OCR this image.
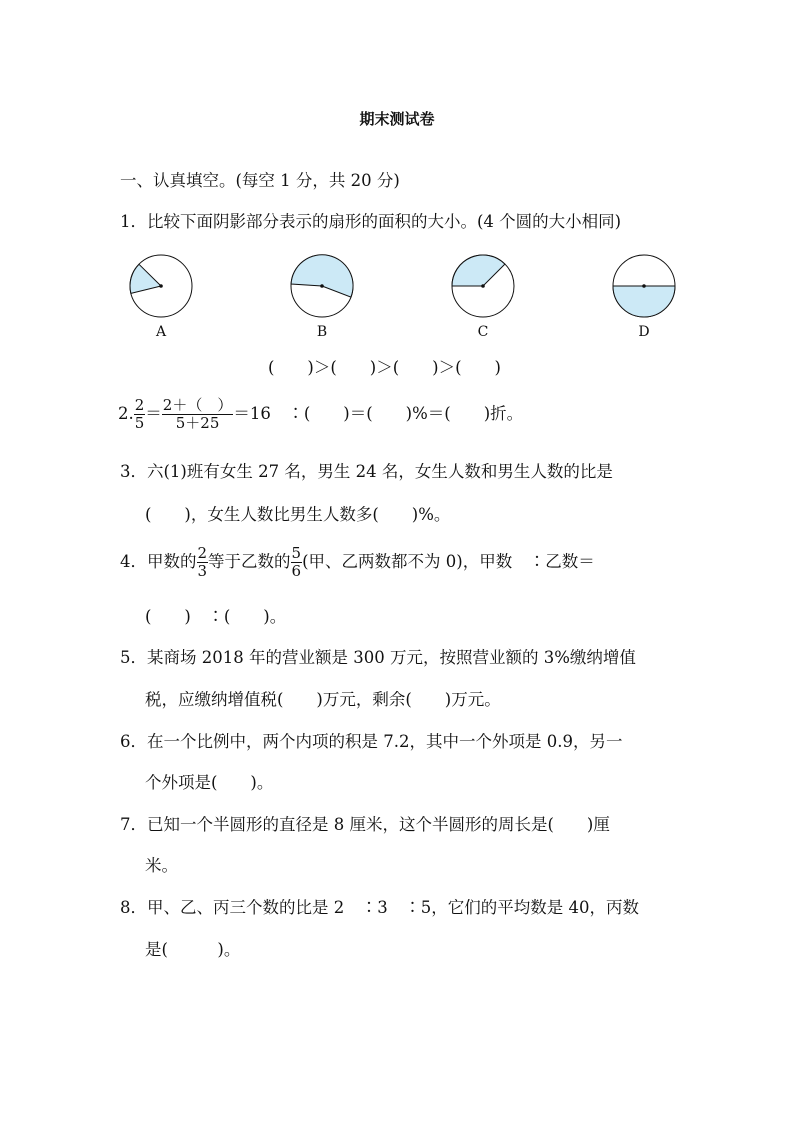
期末测试卷
一、认真填空。(每空 1 分，共 20 分)
1．比较下面阴影部分表示的扇形的面积的大小。(4 个圆的大小相同)
A	B	C	D
(　　)＞(　　)＞(　　)＞(　　)
2. $\frac{2}{5} = \frac{2+( )}{5+25} =16$　∶(　　)＝(　　)%＝(　　)折。
3．六(1)班有女生 27 名，男生 24 名，女生人数和男生人数的比是
(　　)，女生人数比男生人数多(　　)%。
4．甲数的 $\frac{2}{3}$ 等于乙数的 $\frac{5}{6}$ (甲、乙两数都不为 0)，甲数　∶乙数＝
(　　)　∶(　　)。
5．某商场 2018 年的营业额是 300 万元，按照营业额的 3%缴纳增值
税，应缴纳增值税(　　)万元，剩余(　　)万元。
6．在一个比例中，两个内项的积是 7.2，其中一个外项是 0.9，另一
个外项是(　　)。
7．已知一个半圆形的直径是 8 厘米，这个半圆形的周长是(　　)厘
米。
8．甲、乙、丙三个数的比是 2　∶3　∶5，它们的平均数是 40，丙数
是(　　　)。
